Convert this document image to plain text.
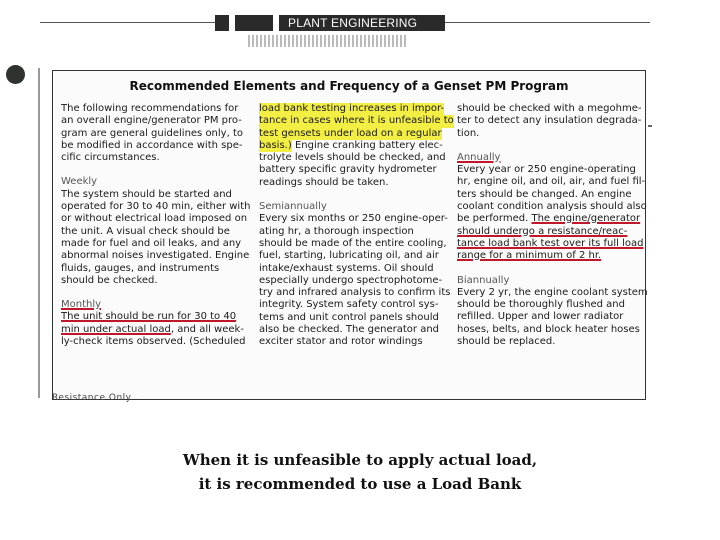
PLANT ENGINEERING
Recommended Elements and Frequency of a Genset PM Program

The following recommendations for

an overall engine/generator PM pro-

gram are general guidelines only, to

be modified in accordance with spe-

cific circumstances.

Weekly

The system should be started and

operated for 30 to 40 min, either with

or without electrical load imposed on

the unit. A visual check should be

made for fuel and oil leaks, and any

abnormal noises investigated. Engine

fluids, gauges, and instruments

should be checked.

Monthly

The unit should be run for 30 to 40

min under actual load, and all week-

ly-check items observed. (Scheduled

load bank testing increases in impor-

tance in cases where it is unfeasible to

test gensets under load on a regular

basis.) Engine cranking battery elec-

trolyte levels should be checked, and

battery specific gravity hydrometer

readings should be taken.

Semiannually

Every six months or 250 engine-oper-

ating hr, a thorough inspection

should be made of the entire cooling,

fuel, starting, lubricating oil, and air

intake/exhaust systems. Oil should

especially undergo spectrophotome-

try and infrared analysis to confirm its

integrity. System safety control sys-

tems and unit control panels should

also be checked. The generator and

exciter stator and rotor windings

should be checked with a megohme-

ter to detect any insulation degrada-

tion.

Annually

Every year or 250 engine-operating

hr, engine oil, and oil, air, and fuel fil-

ters should be changed. An engine

coolant condition analysis should also

be performed. The engine/generator

should undergo a resistance/reac-

tance load bank test over its full load

range for a minimum of 2 hr.

Biannually

Every 2 yr, the engine coolant system

should be thoroughly flushed and

refilled. Upper and lower radiator

hoses, belts, and block heater hoses

should be replaced.

Resistance Only...
When it is unfeasible to apply actual load,
it is recommended to use a Load Bank
